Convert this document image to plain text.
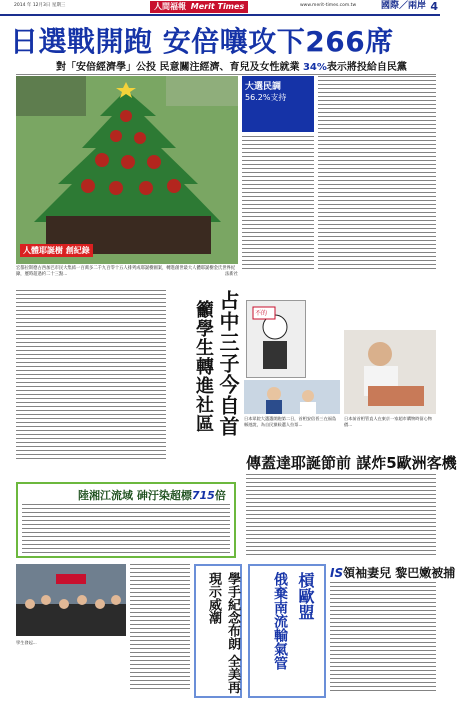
2014 年 12月3日 星期三	人間福報 Merit Times	www.merit-times.com.tw	國際／兩岸 4
日選戰開跑 安倍嚷攻下266席
對「安倍經濟學」公投 民意關注經濟、育兒及女性就業 34%表示將投給自民黨
人體耶誕樹 創紀錄
宏都拉斯德古西加巴市民大集結一百萬多二千九百零十五人排列成耶誕樹圖案，轉進創世最大人體耶誕樹金氏世界紀錄，歷時超過約二十三點...	法新社
大選民調
56.2%支持
占中三子今自首
籲學生轉進社區	不的
日本眾院大選選開跑第二日，首相安倍晉三在福島縣遊說，為自民黨候選人拉票...
日本前首相管直人在東京一家超市購物時留心物價...
傳蓋達耶誕節前 謀炸5歐洲客機
陸湘江流域 砷汙染超標715倍
學生發起...	學手紀念布朗 全美再現示威潮	IS領袖妻兒 黎巴嫩被捕
槓歐盟
俄棄南流輸氣管
